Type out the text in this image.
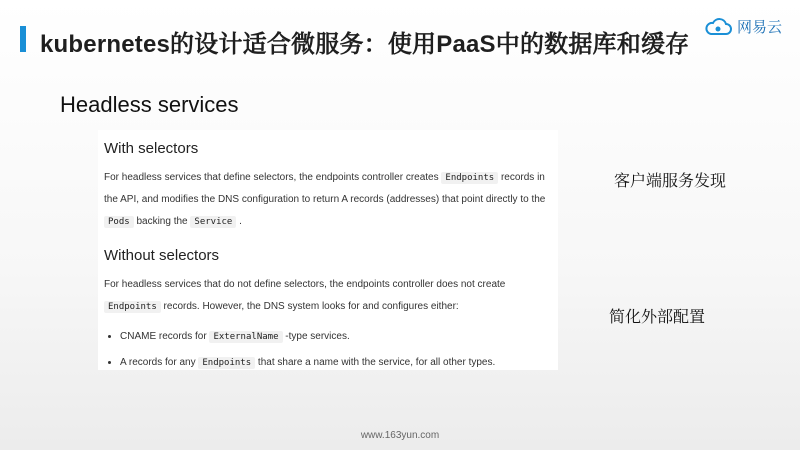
kubernetes的设计适合微服务：使用PaaS中的数据库和缓存
网易云
Headless services
With selectors

For headless services that define selectors, the endpoints controller creates Endpoints records in the API, and modifies the DNS configuration to return A records (addresses) that point directly to the Pods backing the Service .

Without selectors

For headless services that do not define selectors, the endpoints controller does not create Endpoints records. However, the DNS system looks for and configures either:

• CNAME records for ExternalName -type services.
• A records for any Endpoints that share a name with the service, for all other types.
客户端服务发现
简化外部配置
www.163yun.com
